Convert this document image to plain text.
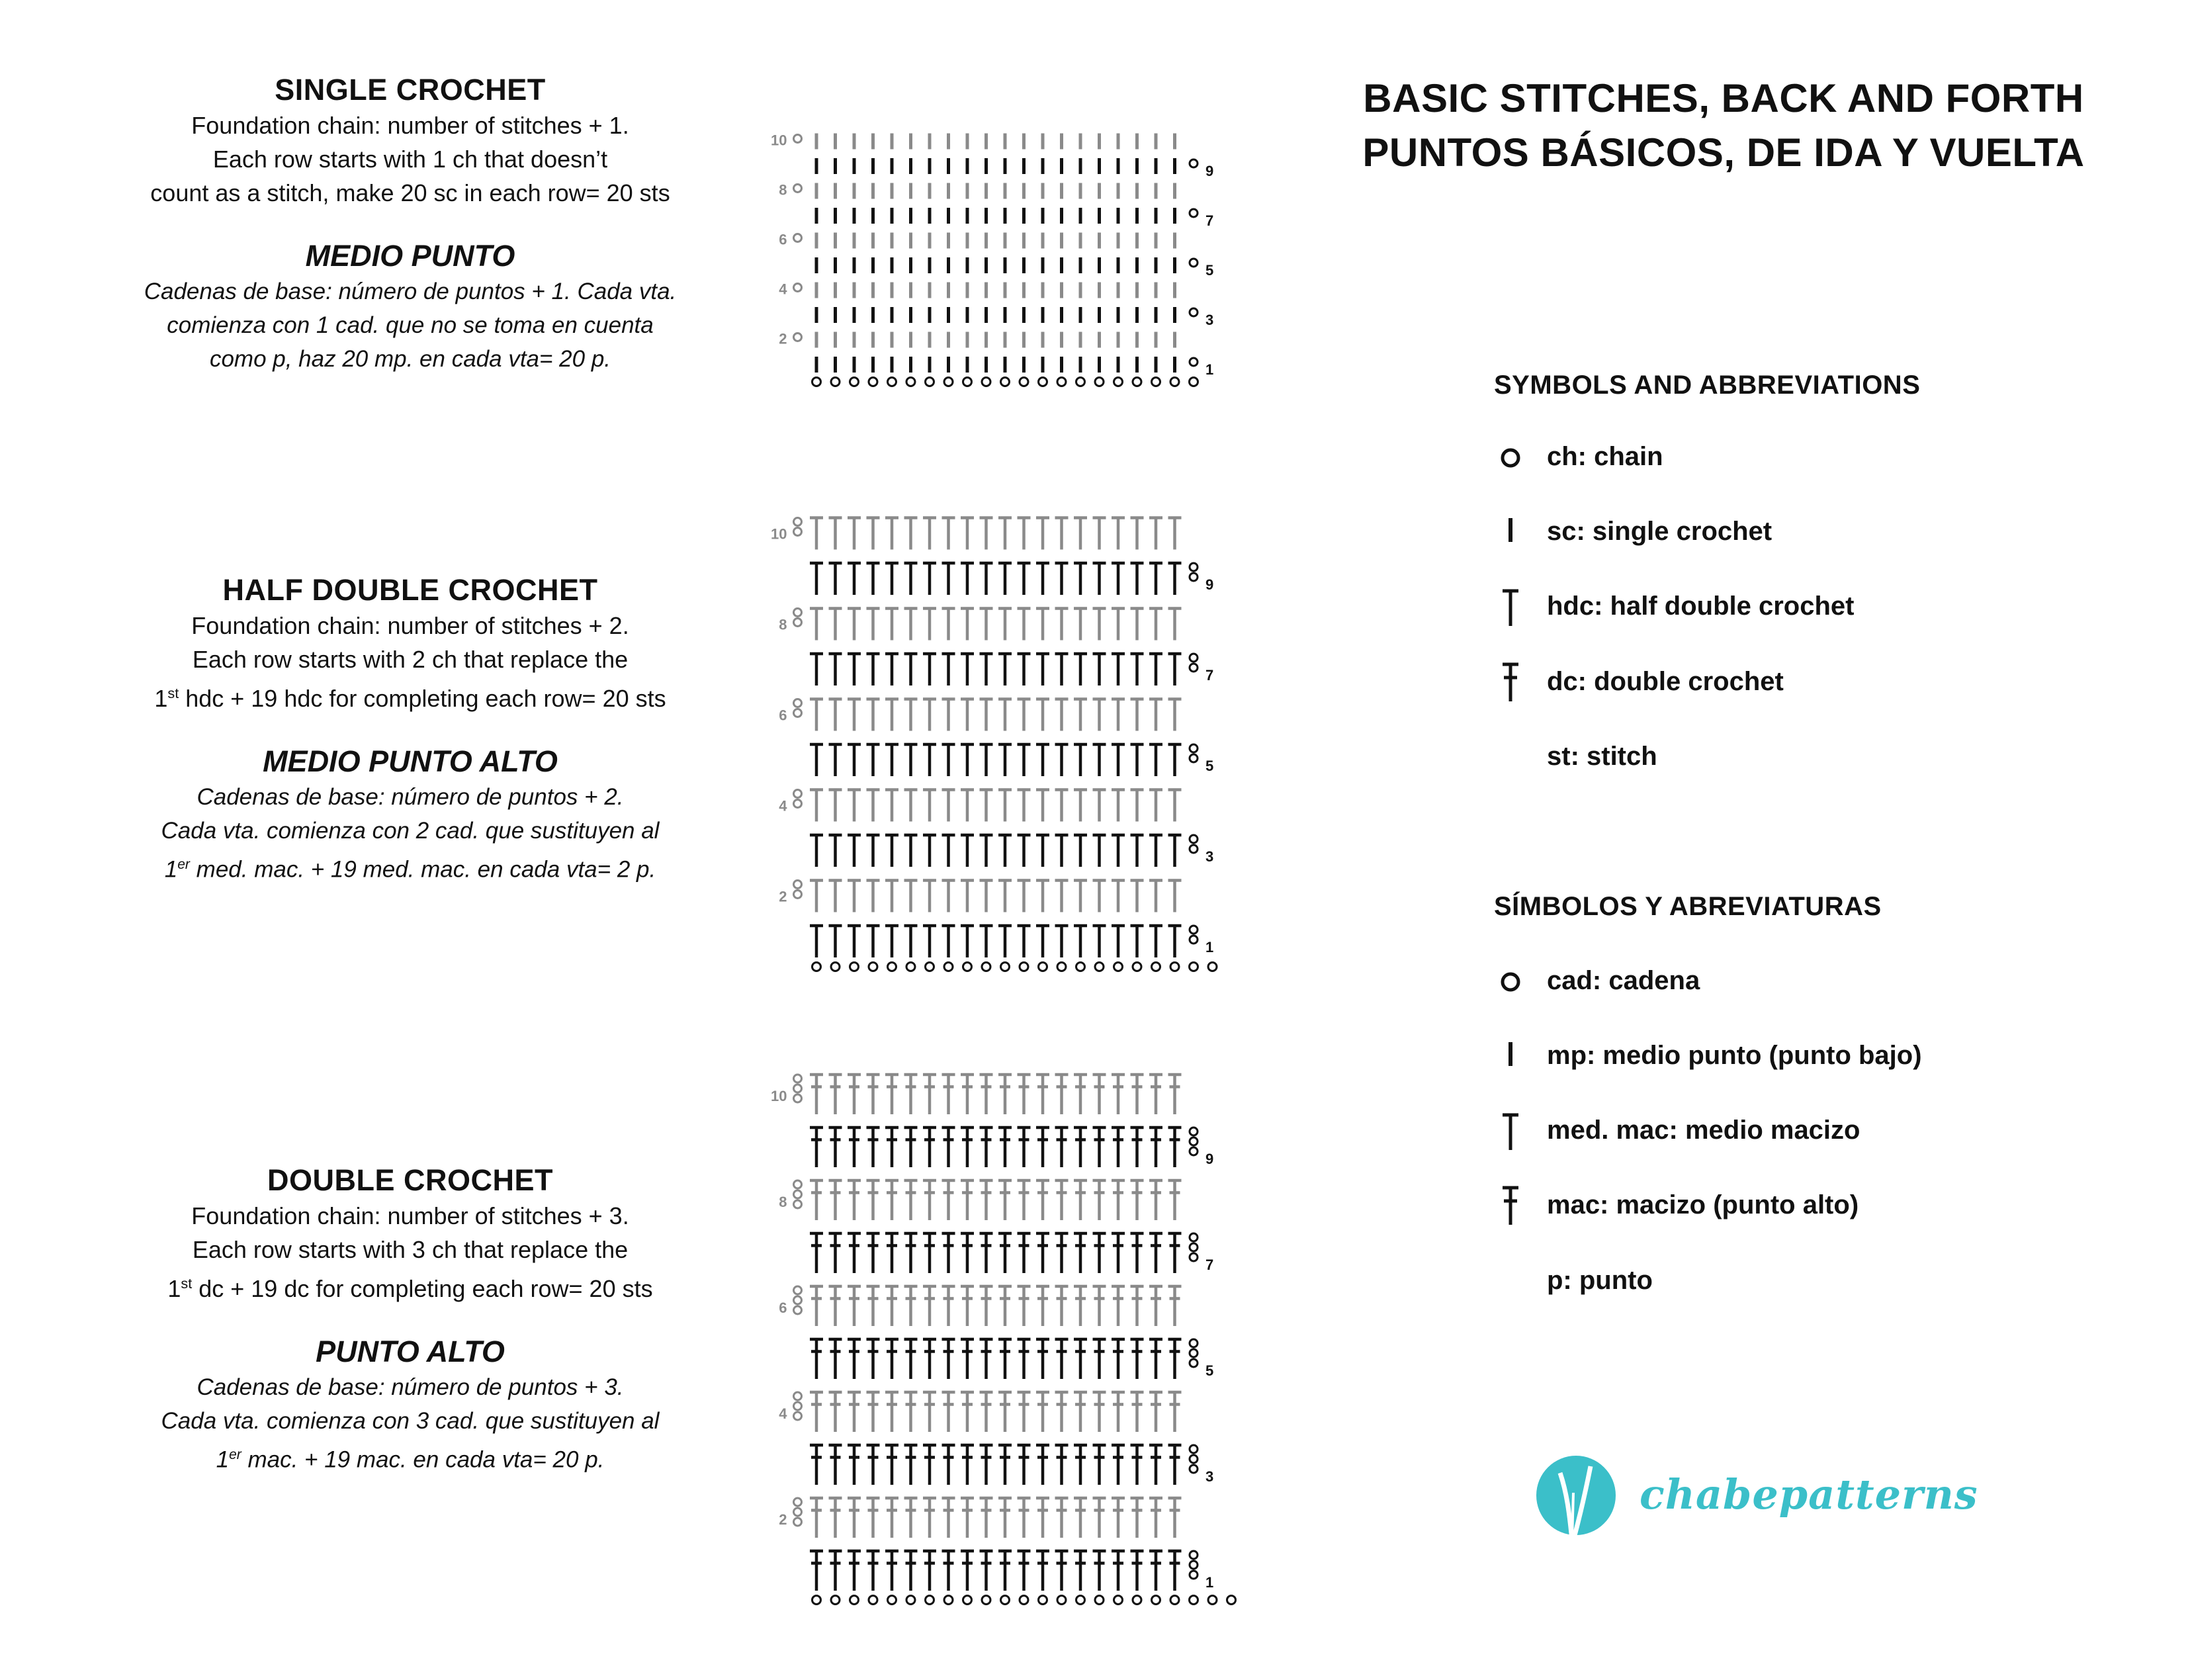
BASIC STITCHES, BACK AND FORTH
PUNTOS BÁSICOS, DE IDA Y VUELTA
SINGLE CROCHET
Foundation chain: number of stitches + 1.
Each row starts with 1 ch that doesn’t
count as a stitch, make 20 sc in each row= 20 sts
MEDIO PUNTO
Cadenas de base: número de puntos + 1. Cada vta.
comienza con 1 cad. que no se toma en cuenta
como p, haz 20 mp. en cada vta= 20 p.
HALF DOUBLE CROCHET
Foundation chain: number of stitches + 2.
Each row starts with 2 ch that replace the
1st hdc + 19 hdc for completing each row= 20 sts
MEDIO PUNTO ALTO
Cadenas de base: número de puntos + 2.
Cada vta. comienza con 2 cad. que sustituyen al
1er med. mac. + 19 med. mac. en cada vta= 2 p.
DOUBLE CROCHET
Foundation chain: number of stitches + 3.
Each row starts with 3 ch that replace the
1st dc + 19 dc for completing each row= 20 sts
PUNTO ALTO
Cadenas de base: número de puntos + 3.
Cada vta. comienza con 3 cad. que sustituyen al
1er mac. + 19 mac. en cada vta= 20 p.
1
2
3
4
5
6
7
8
9
10
1
2
3
4
5
6
7
8
9
10
1
2
3
4
5
6
7
8
9
10
SYMBOLS AND ABBREVIATIONS
ch: chain
sc: single crochet
hdc: half double crochet
dc: double crochet
st: stitch
SÍMBOLOS Y ABREVIATURAS
cad: cadena
mp: medio punto (punto bajo)
med. mac: medio macizo
mac: macizo (punto alto)
p: punto
chabepatterns
